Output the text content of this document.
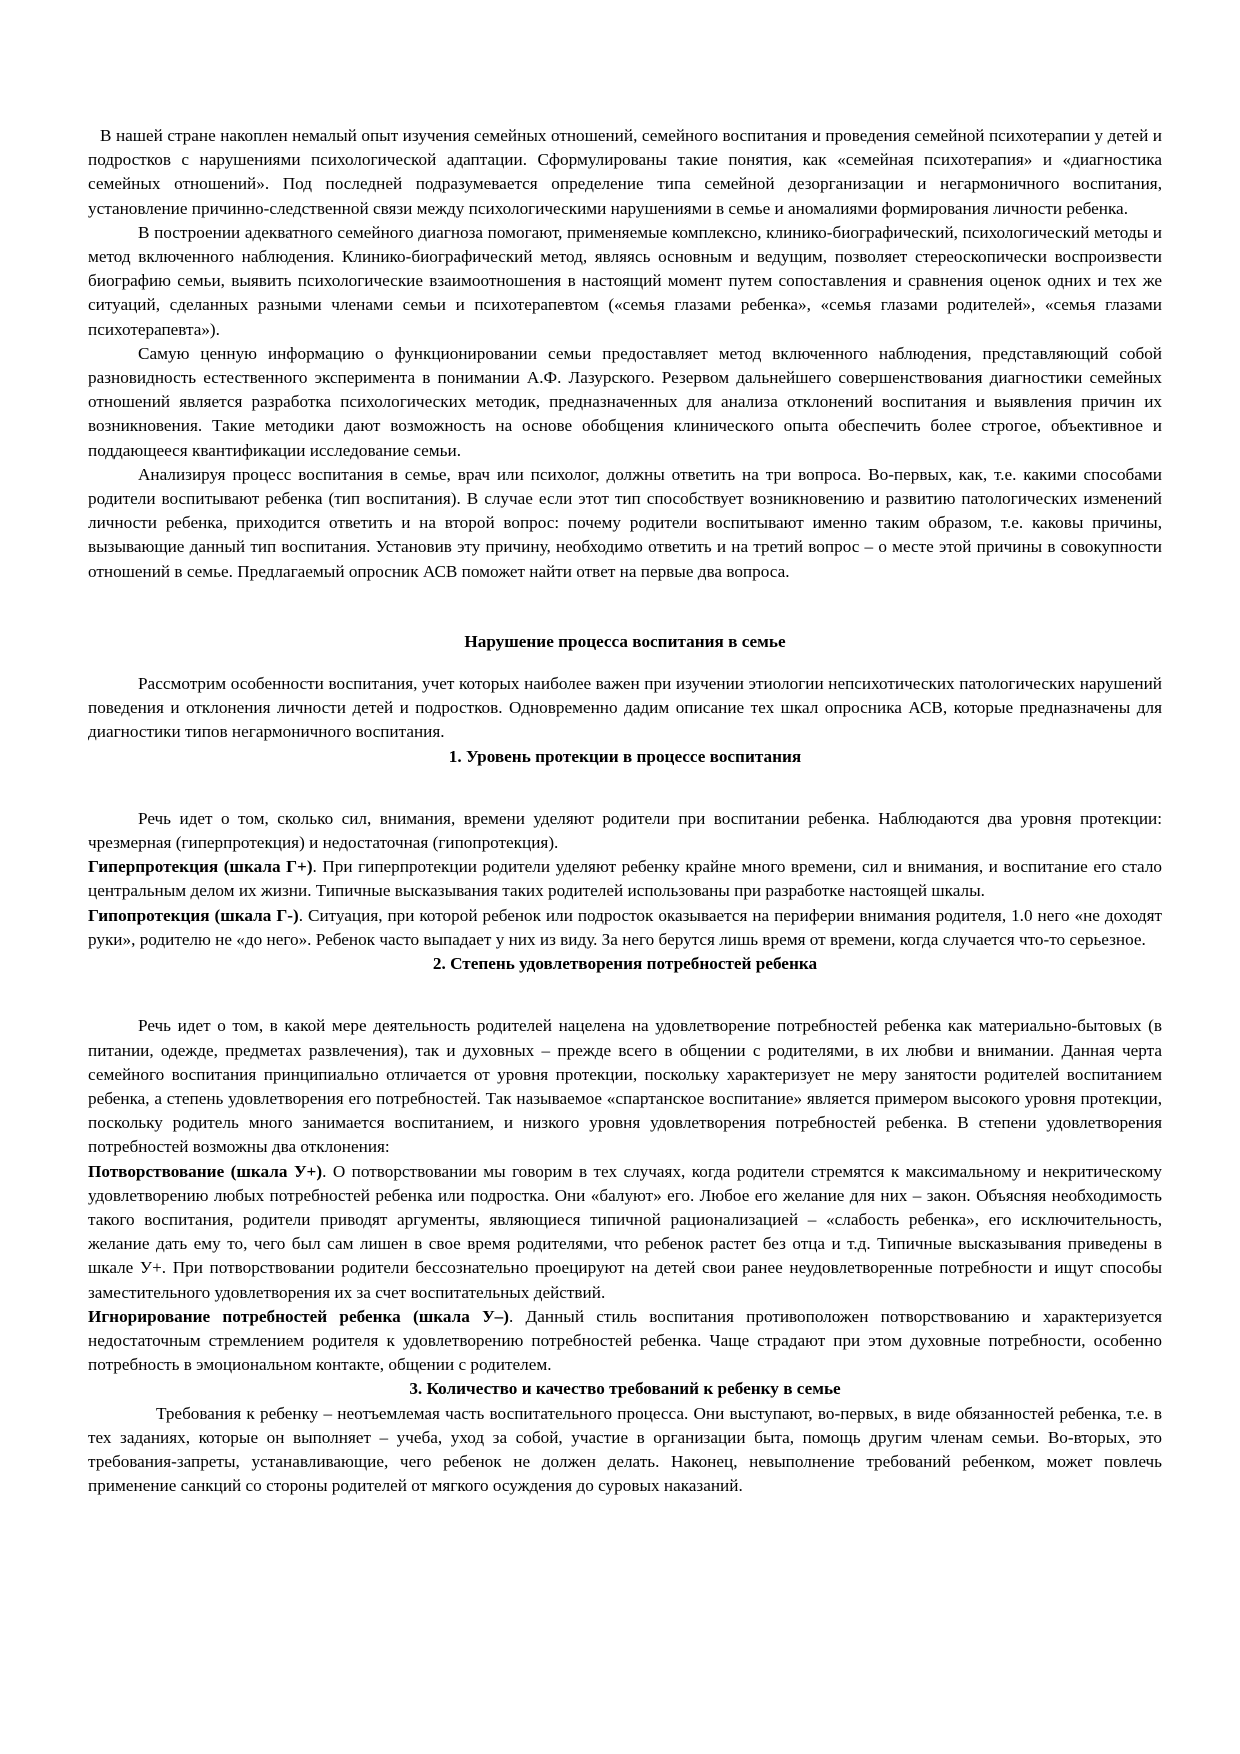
В нашей стране накоплен немалый опыт изучения семейных отношений, семейного воспитания и проведения семейной психотерапии у детей и подростков с нарушениями психологической адаптации. Сформулированы такие понятия, как «семейная психотерапия» и «диагностика семейных отношений». Под последней подразумевается определение типа семейной дезорганизации и негармоничного воспитания, установление причинно-следственной связи между психологическими нарушениями в семье и аномалиями формирования личности ребенка.

В построении адекватного семейного диагноза помогают, применяемые комплексно, клинико-биографический, психологический методы и метод включенного наблюдения. Клинико-биографический метод, являясь основным и ведущим, позволяет стереоскопически воспроизвести биографию семьи, выявить психологические взаимоотношения в настоящий момент путем сопоставления и сравнения оценок одних и тех же ситуаций, сделанных разными членами семьи и психотерапевтом («семья глазами ребенка», «семья глазами родителей», «семья глазами психотерапевта»).

Самую ценную информацию о функционировании семьи предоставляет метод включенного наблюдения, представляющий собой разновидность естественного эксперимента в понимании А.Ф. Лазурского. Резервом дальнейшего совершенствования диагностики семейных отношений является разработка психологических методик, предназначенных для анализа отклонений воспитания и выявления причин их возникновения. Такие методики дают возможность на основе обобщения клинического опыта обеспечить более строгое, объективное и поддающееся квантификации исследование семьи.

Анализируя процесс воспитания в семье, врач или психолог, должны ответить на три вопроса. Во-первых, как, т.е. какими способами родители воспитывают ребенка (тип воспитания). В случае если этот тип способствует возникновению и развитию патологических изменений личности ребенка, приходится ответить и на второй вопрос: почему родители воспитывают именно таким образом, т.е. каковы причины, вызывающие данный тип воспитания. Установив эту причину, необходимо ответить и на третий вопрос – о месте этой причины в совокупности отношений в семье. Предлагаемый опросник АСВ поможет найти ответ на первые два вопроса.

Нарушение процесса воспитания в семье

Рассмотрим особенности воспитания, учет которых наиболее важен при изучении этиологии непсихотических патологических нарушений поведения и отклонения личности детей и подростков. Одновременно дадим описание тех шкал опросника АСВ, которые предназначены для диагностики типов негармоничного воспитания.

1. Уровень протекции в процессе воспитания

Речь идет о том, сколько сил, внимания, времени уделяют родители при воспитании ребенка. Наблюдаются два уровня протекции: чрезмерная (гиперпротекция) и недостаточная (гипопротекция).

Гиперпротекция (шкала Г+). При гиперпротекции родители уделяют ребенку крайне много времени, сил и внимания, и воспитание его стало центральным делом их жизни. Типичные высказывания таких родителей использованы при разработке настоящей шкалы.

Гипопротекция (шкала Г-). Ситуация, при которой ребенок или подросток оказывается на периферии внимания родителя, 1.0 него «не доходят руки», родителю не «до него». Ребенок часто выпадает у них из виду. За него берутся лишь время от времени, когда случается что-то серьезное.

2. Степень удовлетворения потребностей ребенка

Речь идет о том, в какой мере деятельность родителей нацелена на удовлетворение потребностей ребенка как материально-бытовых (в питании, одежде, предметах развлечения), так и духовных – прежде всего в общении с родителями, в их любви и внимании. Данная черта семейного воспитания принципиально отличается от уровня протекции, поскольку характеризует не меру занятости родителей воспитанием ребенка, а степень удовлетворения его потребностей. Так называемое «спартанское воспитание» является примером высокого уровня протекции, поскольку родитель много занимается воспитанием, и низкого уровня удовлетворения потребностей ребенка. В степени удовлетворения потребностей возможны два отклонения:

Потворствование (шкала У+). О потворствовании мы говорим в тех случаях, когда родители стремятся к максимальному и некритическому удовлетворению любых потребностей ребенка или подростка. Они «балуют» его. Любое его желание для них – закон. Объясняя необходимость такого воспитания, родители приводят аргументы, являющиеся типичной рационализацией – «слабость ребенка», его исключительность, желание дать ему то, чего был сам лишен в свое время родителями, что ребенок растет без отца и т.д. Типичные высказывания приведены в шкале У+. При потворствовании родители бессознательно проецируют на детей свои ранее неудовлетворенные потребности и ищут способы заместительного удовлетворения их за счет воспитательных действий.

Игнорирование потребностей ребенка (шкала У–). Данный стиль воспитания противоположен потворствованию и характеризуется недостаточным стремлением родителя к удовлетворению потребностей ребенка. Чаще страдают при этом духовные потребности, особенно потребность в эмоциональном контакте, общении с родителем.

3. Количество и качество требований к ребенку в семье

Требования к ребенку – неотъемлемая часть воспитательного процесса. Они выступают, во-первых, в виде обязанностей ребенка, т.е. в тех заданиях, которые он выполняет – учеба, уход за собой, участие в организации быта, помощь другим членам семьи. Во-вторых, это требования-запреты, устанавливающие, чего ребенок не должен делать. Наконец, невыполнение требований ребенком, может повлечь применение санкций со стороны родителей от мягкого осуждения до суровых наказаний.
